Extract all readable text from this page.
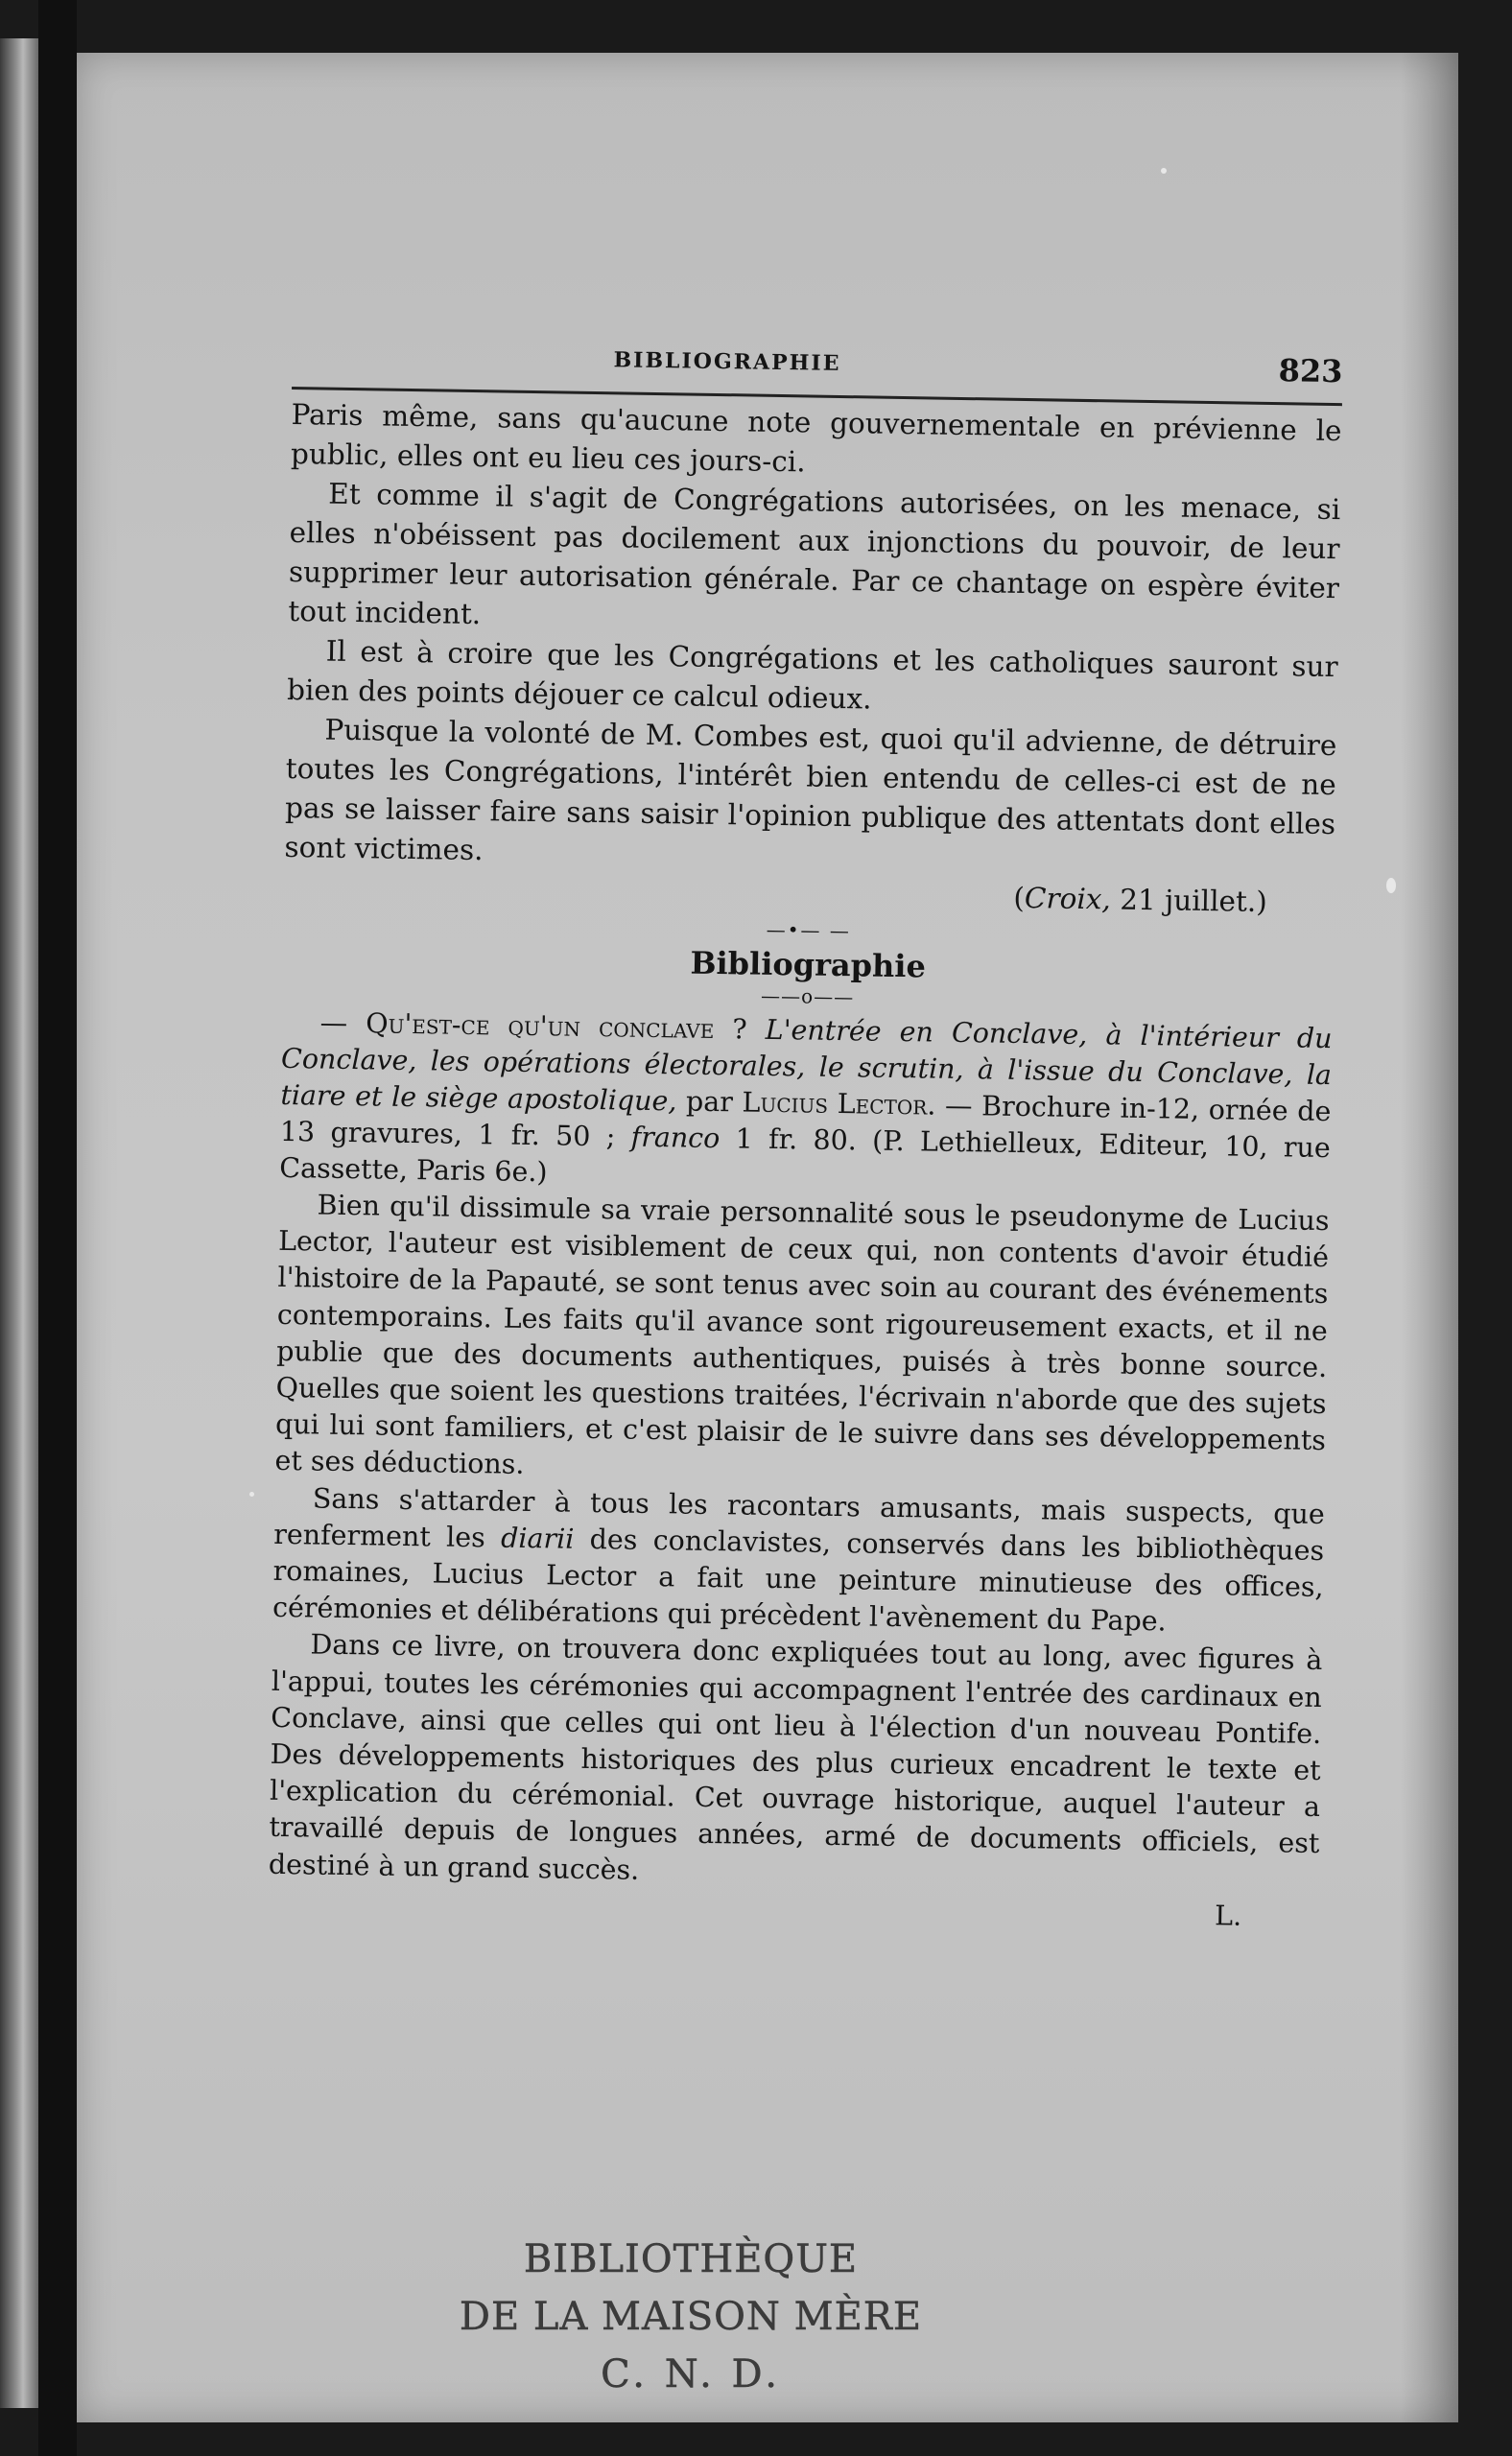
BIBLIOGRAPHIE	823

Paris même, sans qu'aucune note gouvernementale en prévienne le public, elles ont eu lieu ces jours-ci.

Et comme il s'agit de Congrégations autorisées, on les menace, si elles n'obéissent pas docilement aux injonctions du pouvoir, de leur supprimer leur autorisation générale. Par ce chantage on espère éviter tout incident.

Il est à croire que les Congrégations et les catholiques sauront sur bien des points déjouer ce calcul odieux.

Puisque la volonté de M. Combes est, quoi qu'il advienne, de détruire toutes les Congrégations, l'intérêt bien entendu de celles-ci est de ne pas se laisser faire sans saisir l'opinion publique des attentats dont elles sont victimes.

(Croix, 21 juillet.)

—•— —
Bibliographie
——o——

— Qu'est-ce qu'un conclave ? L'entrée en Conclave, à l'intérieur du Conclave, les opérations électorales, le scrutin, à l'issue du Conclave, la tiare et le siège apostolique, par Lucius Lector. — Brochure in-12, ornée de 13 gravures, 1 fr. 50 ; franco 1 fr. 80. (P. Lethielleux, Editeur, 10, rue Cassette, Paris 6e.)

Bien qu'il dissimule sa vraie personnalité sous le pseudonyme de Lucius Lector, l'auteur est visiblement de ceux qui, non contents d'avoir étudié l'histoire de la Papauté, se sont tenus avec soin au courant des événements contemporains. Les faits qu'il avance sont rigoureusement exacts, et il ne publie que des documents authentiques, puisés à très bonne source. Quelles que soient les questions traitées, l'écrivain n'aborde que des sujets qui lui sont familiers, et c'est plaisir de le suivre dans ses développements et ses déductions.

Sans s'attarder à tous les racontars amusants, mais suspects, que renferment les diarii des conclavistes, conservés dans les bibliothèques romaines, Lucius Lector a fait une peinture minutieuse des offices, cérémonies et délibérations qui précèdent l'avènement du Pape.

Dans ce livre, on trouvera donc expliquées tout au long, avec figures à l'appui, toutes les cérémonies qui accompagnent l'entrée des cardinaux en Conclave, ainsi que celles qui ont lieu à l'élection d'un nouveau Pontife. Des développements historiques des plus curieux encadrent le texte et l'explication du cérémonial. Cet ouvrage historique, auquel l'auteur a travaillé depuis de longues années, armé de documents officiels, est destiné à un grand succès.

L.

BIBLIOTHÈQUE
DE LA MAISON MÈRE
C. N. D.
